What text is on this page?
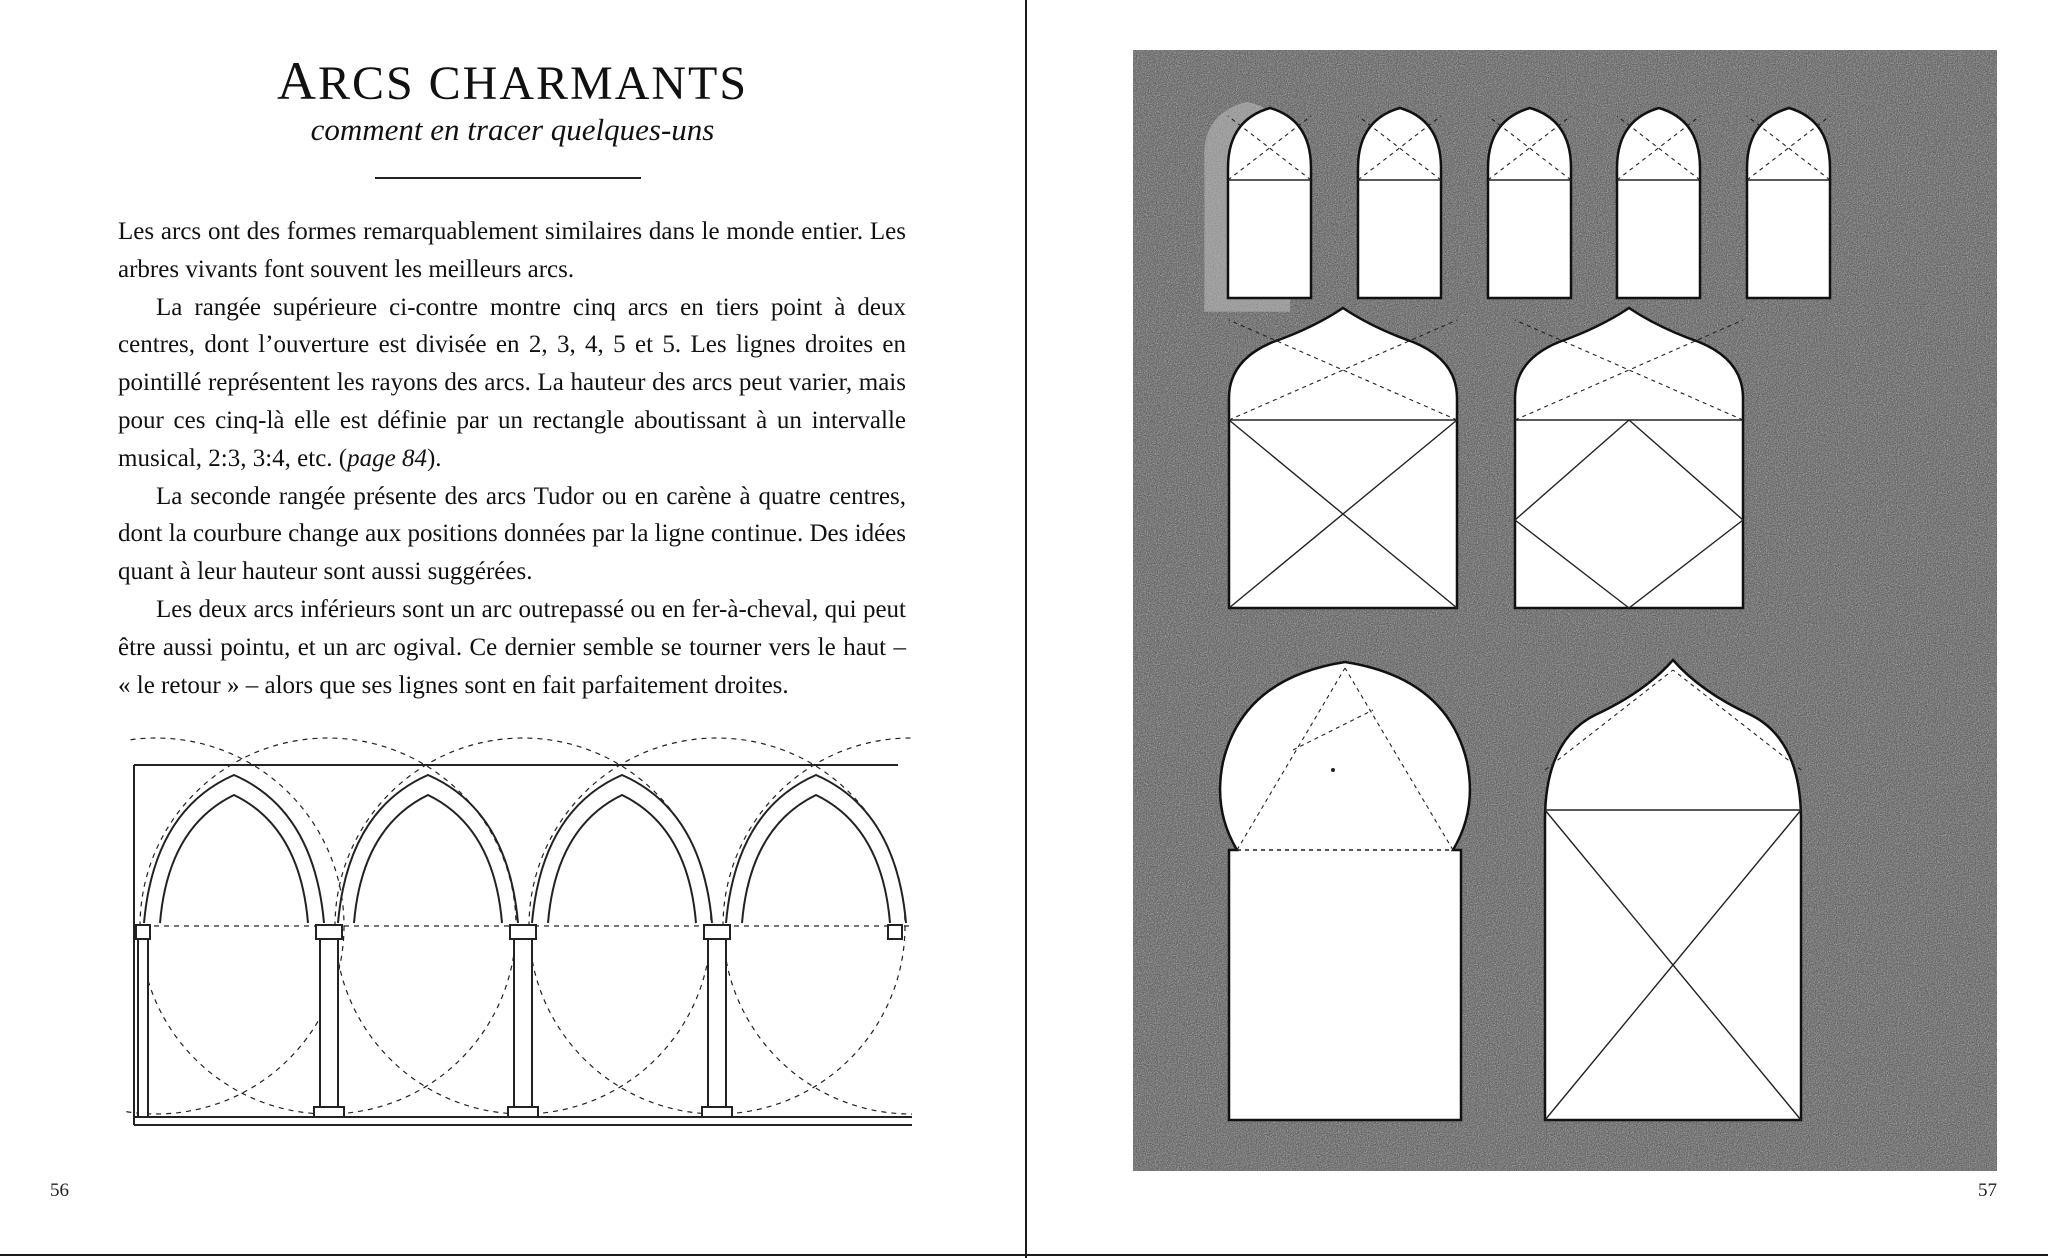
ARCS CHARMANTS
comment en tracer quelques-uns

Les arcs ont des formes remarquablement similaires dans le monde entier. Les arbres vivants font souvent les meilleurs arcs.

La rangée supérieure ci-contre montre cinq arcs en tiers point à deux centres, dont l’ouverture est divisée en 2, 3, 4, 5 et 5. Les lignes droites en pointillé représentent les rayons des arcs. La hauteur des arcs peut varier, mais pour ces cinq-là elle est définie par un rectangle aboutissant à un intervalle musical, 2:3, 3:4, etc. (page 84).

La seconde rangée présente des arcs Tudor ou en carène à quatre centres, dont la courbure change aux positions données par la ligne continue. Des idées quant à leur hauteur sont aussi suggérées.

Les deux arcs inférieurs sont un arc outrepassé ou en fer-à-cheval, qui peut être aussi pointu, et un arc ogival. Ce dernier semble se tourner vers le haut – « le retour » – alors que ses lignes sont en fait parfaitement droites.

56	57
